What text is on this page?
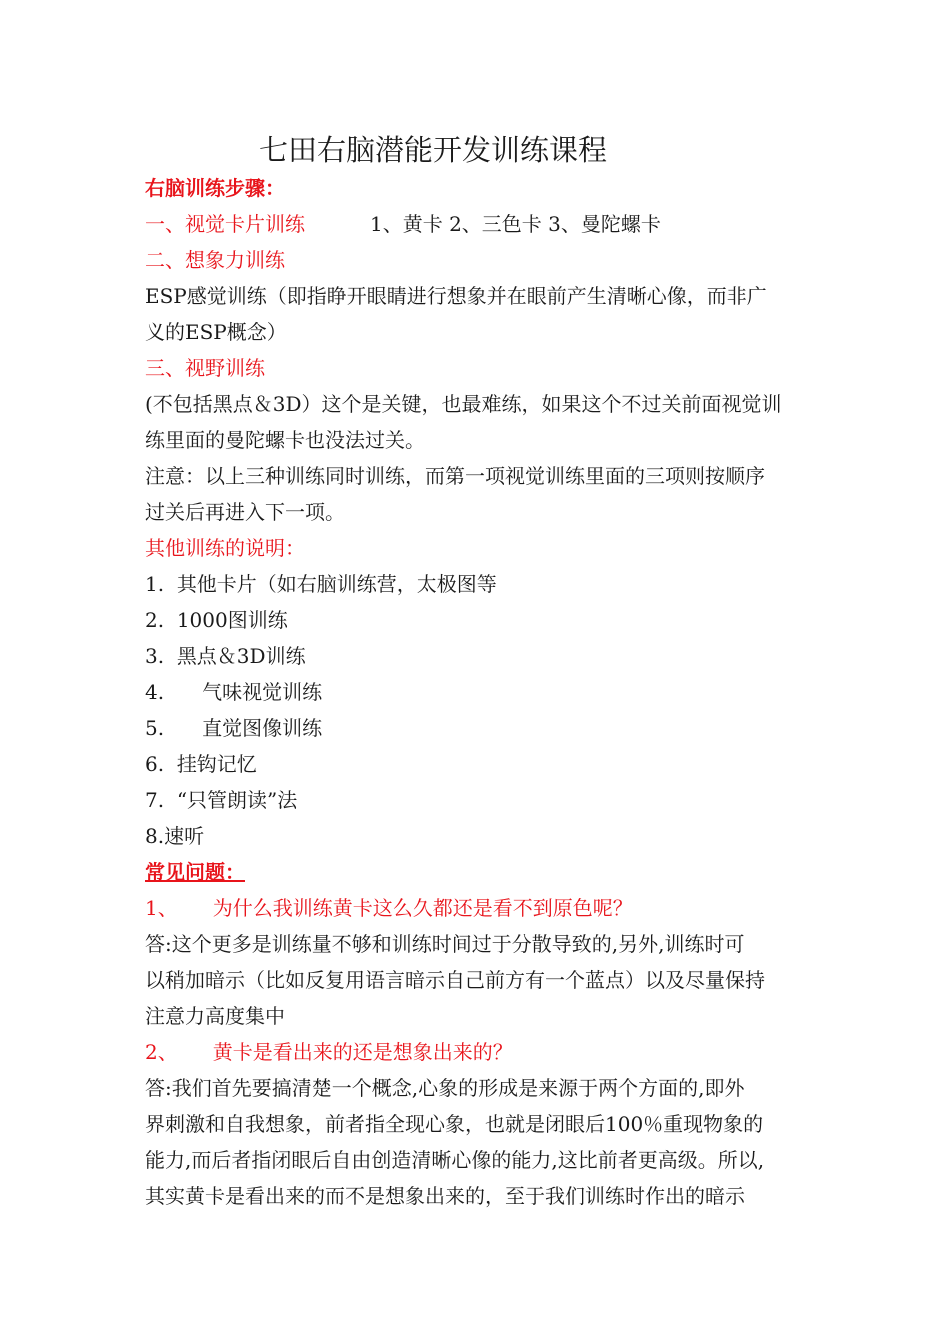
七田右脑潜能开发训练课程
右脑训练步骤：
一、视觉卡片训练	1、黄卡 2、三色卡 3、曼陀螺卡
二、想象力训练
ESP感觉训练（即指睁开眼睛进行想象并在眼前产生清晰心像，而非广
义的ESP概念）
三、视野训练
(不包括黑点＆3D）这个是关键，也最难练，如果这个不过关前面视觉训
练里面的曼陀螺卡也没法过关。
注意：以上三种训练同时训练，而第一项视觉训练里面的三项则按顺序
过关后再进入下一项。
其他训练的说明：
1. 其他卡片（如右脑训练营，太极图等
2. 1000图训练
3. 黑点＆3D训练
4. 气味视觉训练
5. 直觉图像训练
6. 挂钩记忆
7. “只管朗读”法
8.速听
常见问题：
1、 为什么我训练黄卡这么久都还是看不到原色呢？
答:这个更多是训练量不够和训练时间过于分散导致的,另外,训练时可
以稍加暗示（比如反复用语言暗示自己前方有一个蓝点）以及尽量保持
注意力高度集中
2、 黄卡是看出来的还是想象出来的？
答:我们首先要搞清楚一个概念,心象的形成是来源于两个方面的,即外
界刺激和自我想象，前者指全现心象，也就是闭眼后100％重现物象的
能力,而后者指闭眼后自由创造清晰心像的能力,这比前者更高级。所以,
其实黄卡是看出来的而不是想象出来的，至于我们训练时作出的暗示
